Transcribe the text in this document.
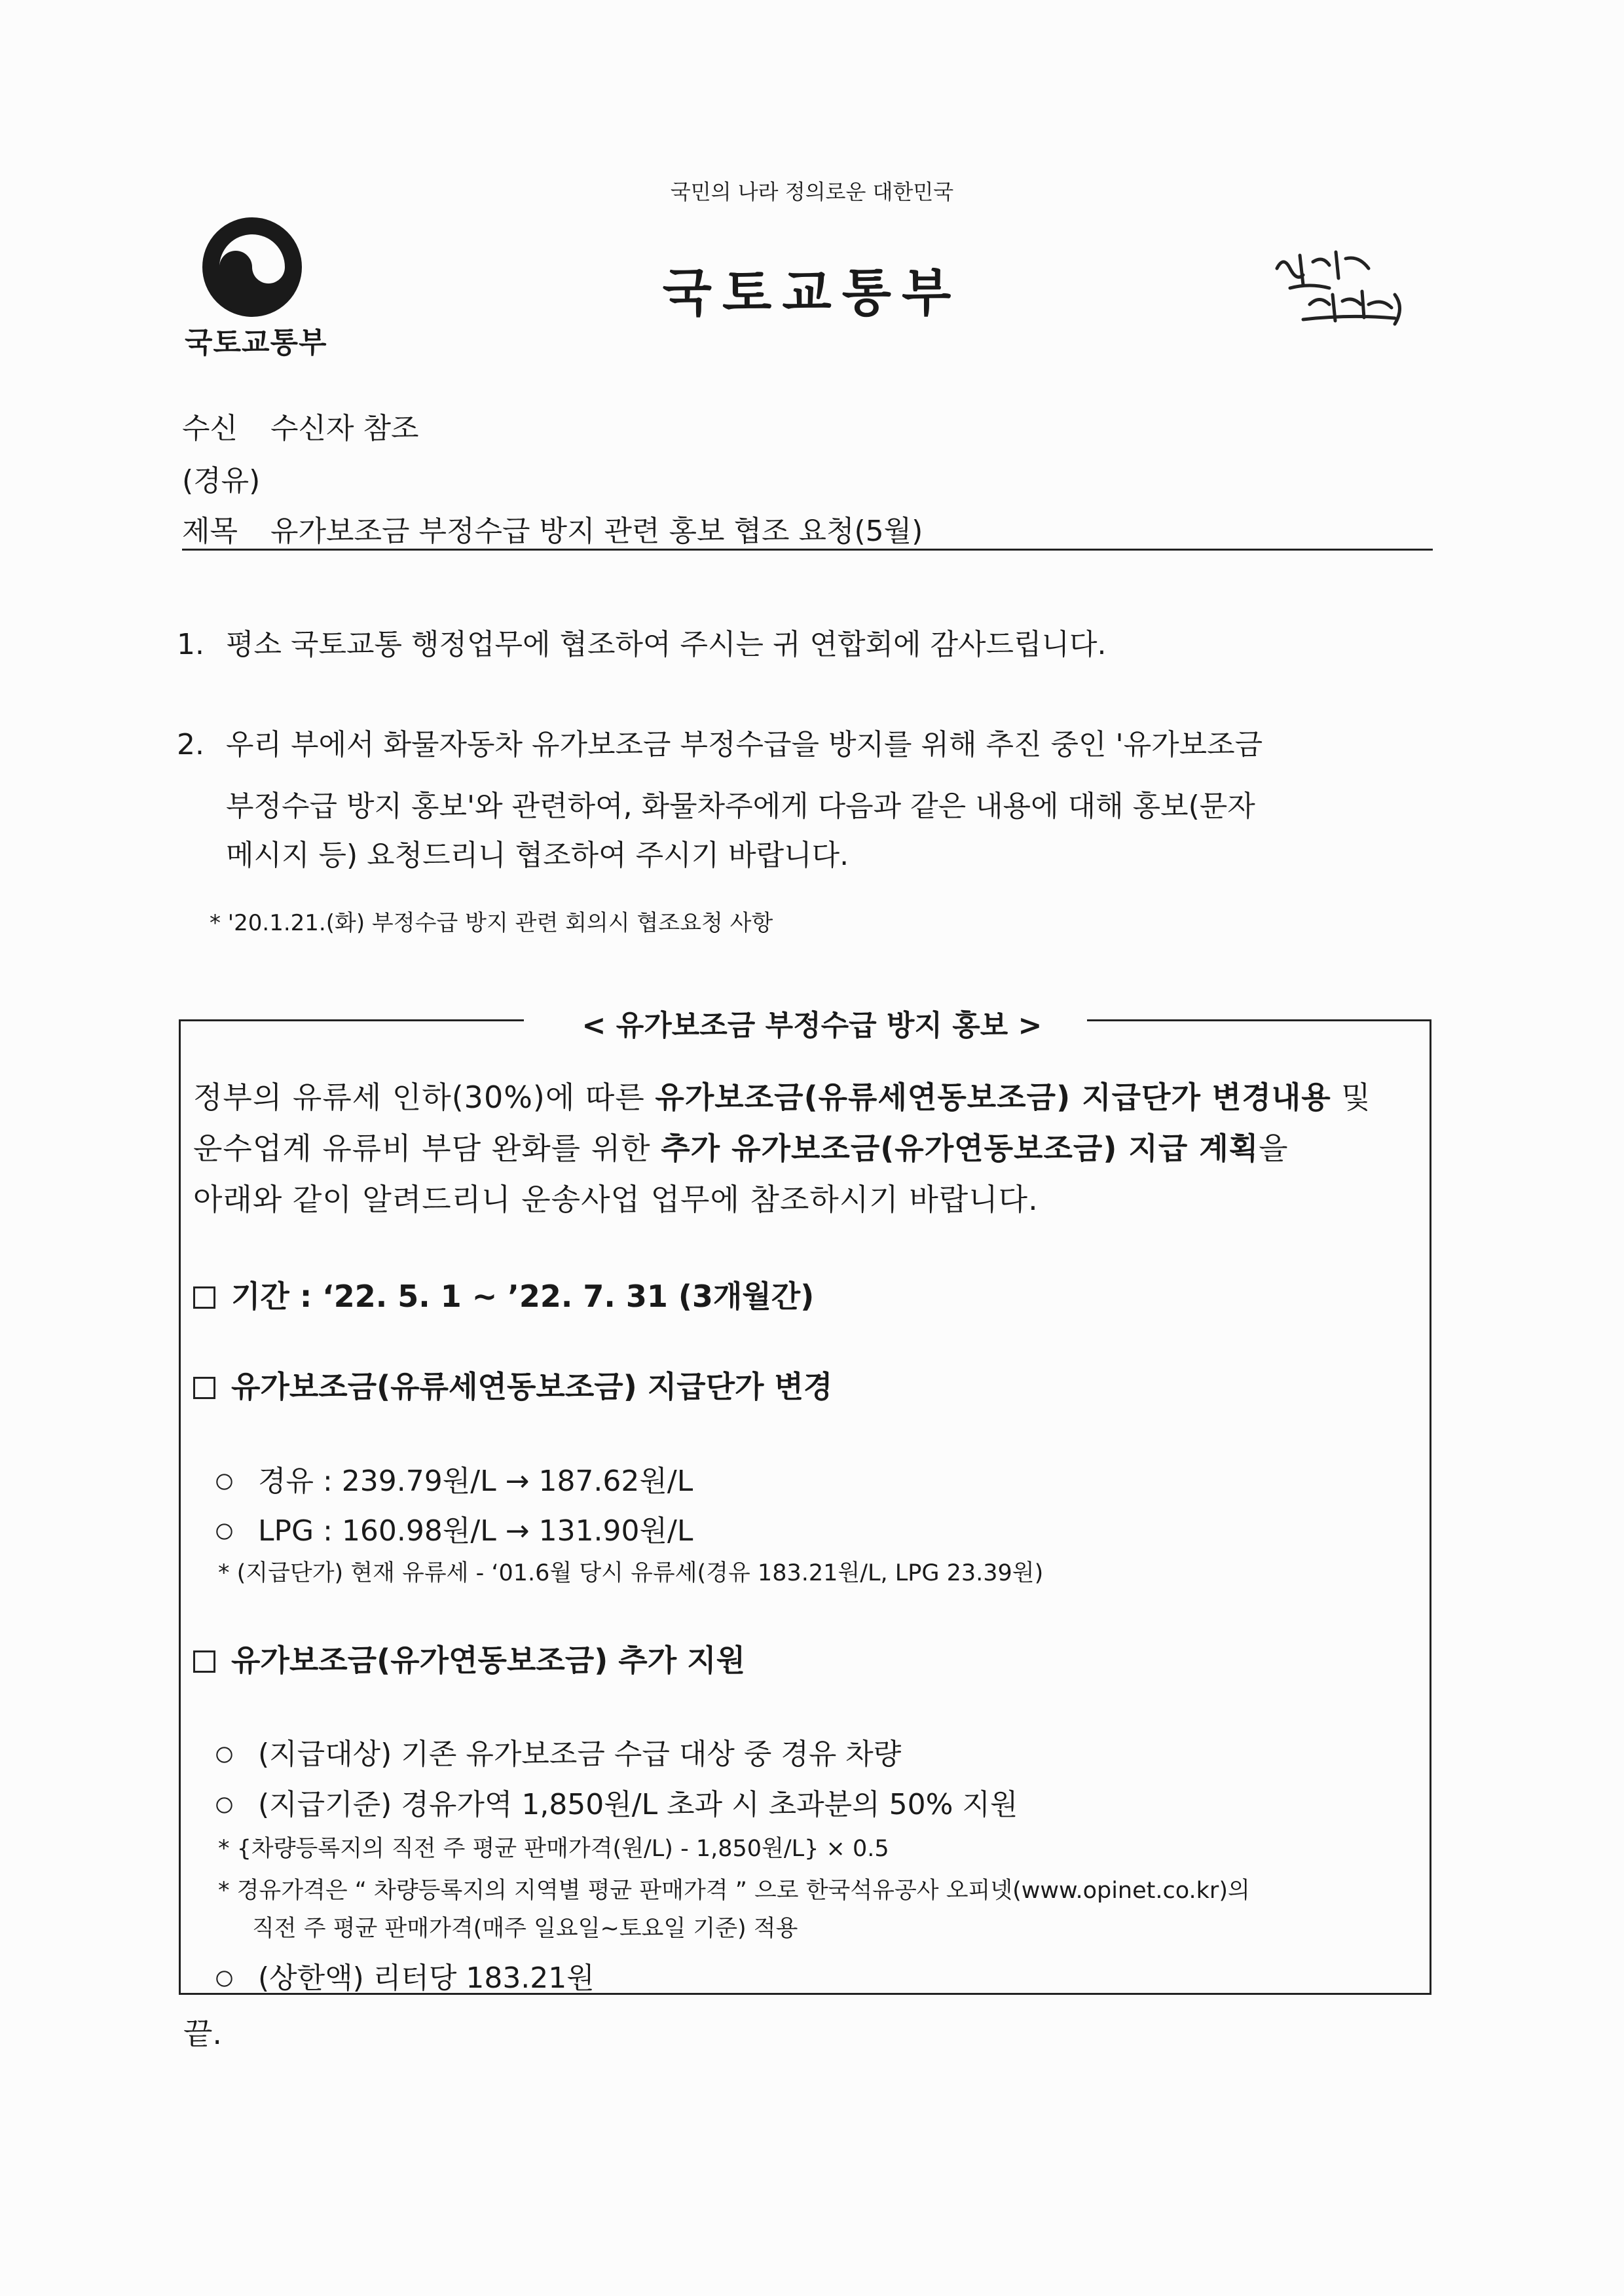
국민의 나라 정의로운 대한민국
국토교통부
국토교통부
수신 수신자 참조
(경유)
제목 유가보조금 부정수급 방지 관련 홍보 협조 요청(5월)
1. 평소 국토교통 행정업무에 협조하여 주시는 귀 연합회에 감사드립니다.
2. 우리 부에서 화물자동차 유가보조금 부정수급을 방지를 위해 추진 중인 '유가보조금
부정수급 방지 홍보'와 관련하여, 화물차주에게 다음과 같은 내용에 대해 홍보(문자
메시지 등) 요청드리니 협조하여 주시기 바랍니다.
* '20.1.21.(화) 부정수급 방지 관련 회의시 협조요청 사항
< 유가보조금 부정수급 방지 홍보 >
정부의 유류세 인하(30%)에 따른 유가보조금(유류세연동보조금) 지급단가 변경내용 및
운수업계 유류비 부담 완화를 위한 추가 유가보조금(유가연동보조금) 지급 계획을
아래와 같이 알려드리니 운송사업 업무에 참조하시기 바랍니다.
기간 : ‘22. 5. 1 ~ ’22. 7. 31 (3개월간)
유가보조금(유류세연동보조금) 지급단가 변경
경유 : 239.79원/L → 187.62원/L
LPG : 160.98원/L → 131.90원/L
* (지급단가) 현재 유류세 - ‘01.6월 당시 유류세(경유 183.21원/L, LPG 23.39원)
유가보조금(유가연동보조금) 추가 지원
(지급대상) 기존 유가보조금 수급 대상 중 경유 차량
(지급기준) 경유가역 1,850원/L 초과 시 초과분의 50% 지원
* {차량등록지의 직전 주 평균 판매가격(원/L) - 1,850원/L} × 0.5
* 경유가격은 “ 차량등록지의 지역별 평균 판매가격 ” 으로 한국석유공사 오피넷(www.opinet.co.kr)의
직전 주 평균 판매가격(매주 일요일~토요일 기준) 적용
(상한액) 리터당 183.21원
끝.
